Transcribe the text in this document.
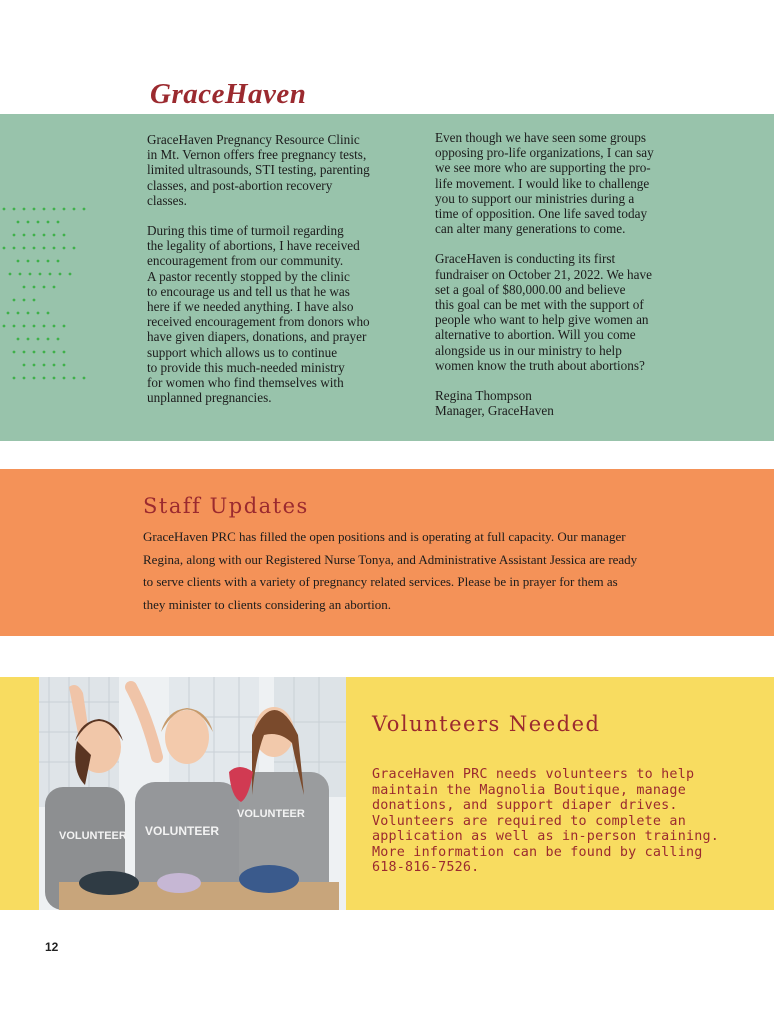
GraceHaven

GraceHaven Pregnancy Resource Clinic
in Mt. Vernon offers free pregnancy tests,
limited ultrasounds, STI testing, parenting
classes, and post-abortion recovery
classes.

During this time of turmoil regarding
the legality of abortions, I have received
encouragement from our community.
A pastor recently stopped by the clinic
to encourage us and tell us that he was
here if we needed anything. I have also
received encouragement from donors who
have given diapers, donations, and prayer
support which allows us to continue
to provide this much-needed ministry
for women who find themselves with
unplanned pregnancies.

Even though we have seen some groups
opposing pro-life organizations, I can say
we see more who are supporting the pro-
life movement. I would like to challenge
you to support our ministries during a
time of opposition. One life saved today
can alter many generations to come.

GraceHaven is conducting its first
fundraiser on October 21, 2022. We have
set a goal of $80,000.00 and believe
this goal can be met with the support of
people who want to help give women an
alternative to abortion. Will you come
alongside us in our ministry to help
women know the truth about abortions?

Regina Thompson
Manager, GraceHaven
Staff Updates
GraceHaven PRC has filled the open positions and is operating at full capacity. Our manager
Regina, along with our Registered Nurse Tonya, and Administrative Assistant Jessica are ready
to serve clients with a variety of pregnancy related services. Please be in prayer for them as
they minister to clients considering an abortion.
VOLUNTEER VOLUNTEER
VOLUNTEER
Volunteers Needed
GraceHaven PRC needs volunteers to help
maintain the Magnolia Boutique, manage
donations, and support diaper drives.
Volunteers are required to complete an
application as well as in-person training.
More information can be found by calling
618-816-7526.
12
